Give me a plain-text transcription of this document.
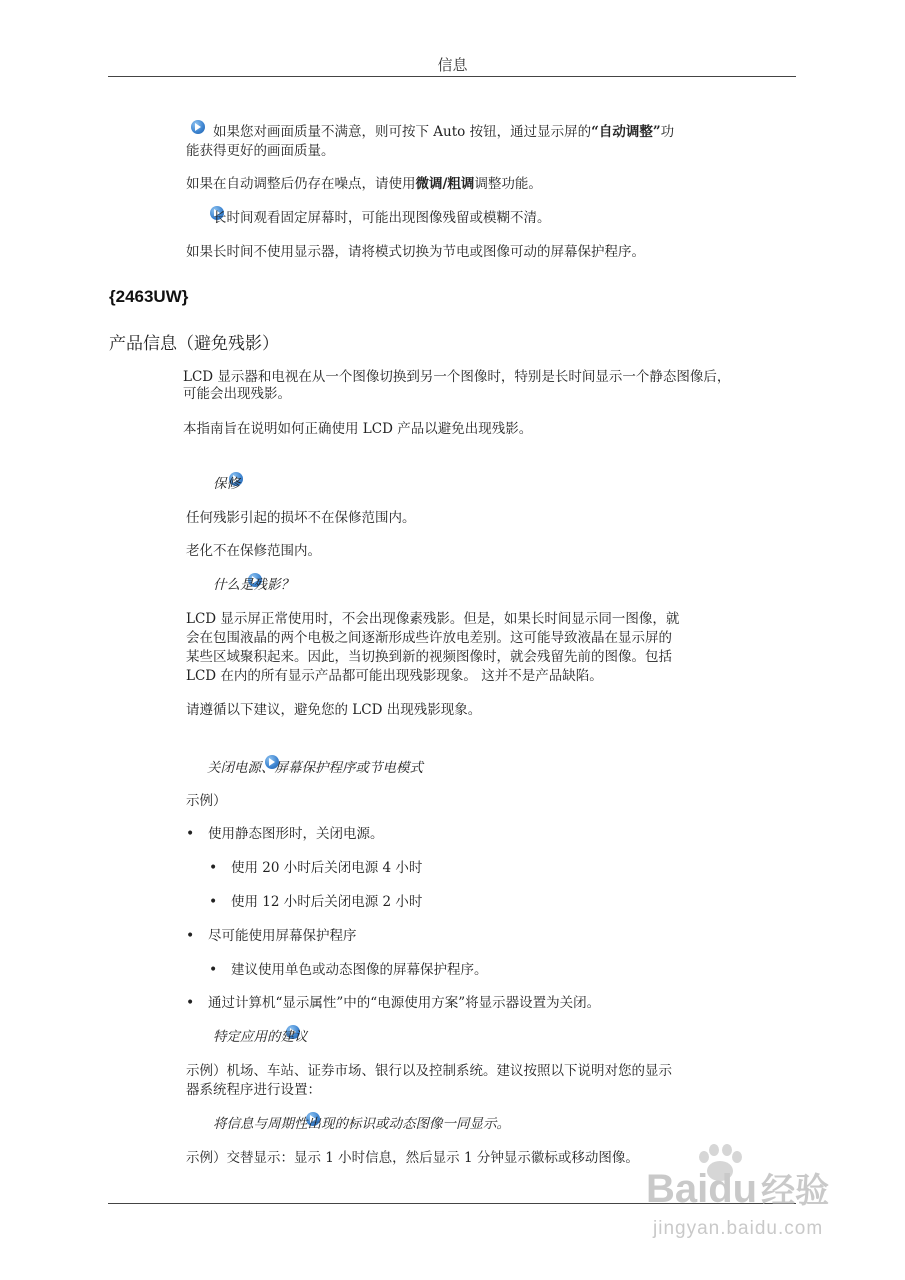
信息

如果您对画面质量不满意，则可按下 Auto 按钮，通过显示屏的“自动调整”功
能获得更好的画面质量。
如果在自动调整后仍存在噪点，请使用微调/粗调调整功能。

长时间观看固定屏幕时，可能出现图像残留或模糊不清。
如果长时间不使用显示器，请将模式切换为节电或图像可动的屏幕保护程序。
{2463UW}
产品信息（避免残影）
LCD 显示器和电视在从一个图像切换到另一个图像时，特别是长时间显示一个静态图像后，
可能会出现残影。
本指南旨在说明如何正确使用 LCD 产品以避免出现残影。

保修
任何残影引起的损坏不在保修范围内。
老化不在保修范围内。

什么是残影？
LCD 显示屏正常使用时，不会出现像素残影。但是，如果长时间显示同一图像，就
会在包围液晶的两个电极之间逐渐形成些许放电差别。这可能导致液晶在显示屏的
某些区域聚积起来。因此，当切换到新的视频图像时，就会残留先前的图像。包括
LCD 在内的所有显示产品都可能出现残影现象。 这并不是产品缺陷。
请遵循以下建议，避免您的 LCD 出现残影现象。

关闭电源、屏幕保护程序或节电模式
示例）
• 使用静态图形时，关闭电源。
• 使用 20 小时后关闭电源 4 小时
• 使用 12 小时后关闭电源 2 小时
• 尽可能使用屏幕保护程序
• 建议使用单色或动态图像的屏幕保护程序。
• 通过计算机“显示属性”中的“电源使用方案”将显示器设置为关闭。

特定应用的建议
示例）机场、车站、证券市场、银行以及控制系统。建议按照以下说明对您的显示
器系统程序进行设置：
将信息与周期性出现的标识或动态图像一同显示。
示例）交替显示：显示 1 小时信息，然后显示 1 分钟显示徽标或移动图像。
Baidu 经验
jingyan.baidu.com
